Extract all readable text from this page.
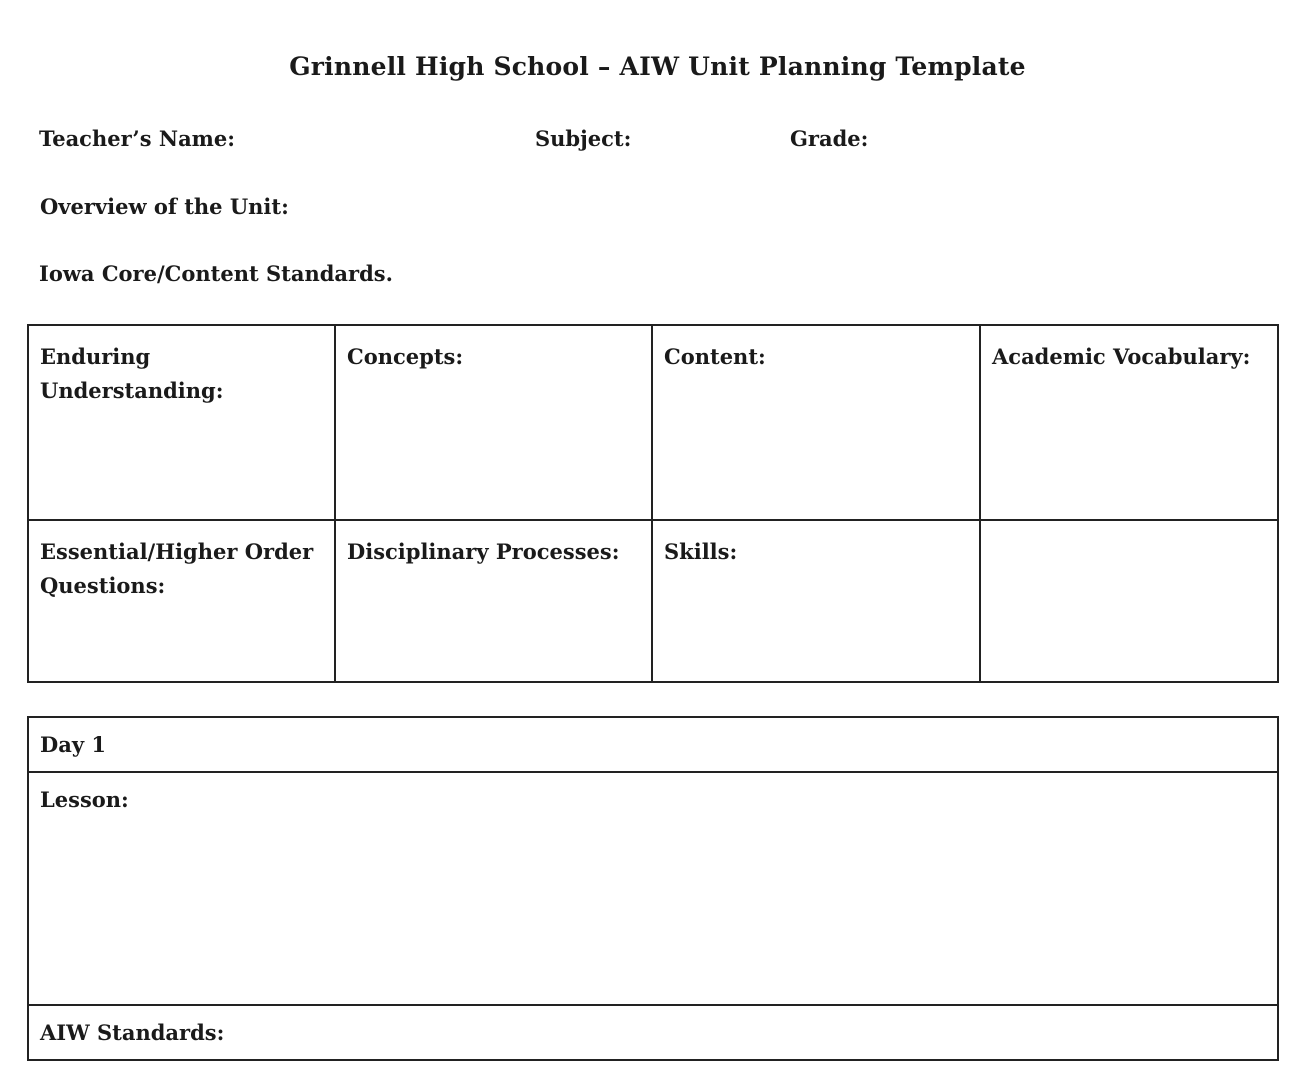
Grinnell High School – AIW Unit Planning Template
Teacher’s Name:	Subject:	Grade:
Overview of the Unit:
Iowa Core/Content Standards.
Enduring Understanding:	Concepts:	Content:	Academic Vocabulary:
Essential/Higher Order Questions:	Disciplinary Processes:	Skills:	
Day 1
Lesson:
AIW Standards:
